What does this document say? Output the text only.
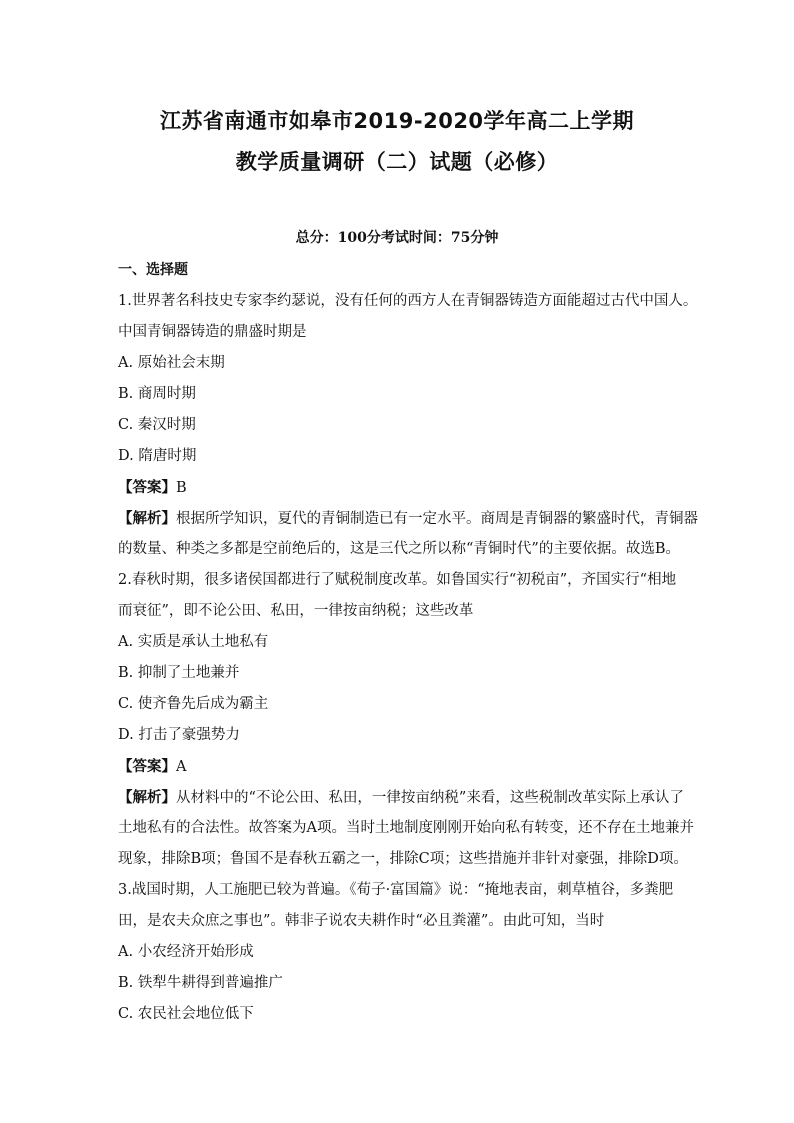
江苏省南通市如皋市2019-2020学年高二上学期
教学质量调研（二）试题（必修）
总分：100分考试时间：75分钟
一、选择题
1.世界著名科技史专家李约瑟说，没有任何的西方人在青铜器铸造方面能超过古代中国人。
中国青铜器铸造的鼎盛时期是
A. 原始社会末期
B. 商周时期
C. 秦汉时期
D. 隋唐时期
【答案】B
【解析】根据所学知识，夏代的青铜制造已有一定水平。商周是青铜器的繁盛时代，青铜器
的数量、种类之多都是空前绝后的，这是三代之所以称“青铜时代”的主要依据。故选B。
2.春秋时期，很多诸侯国都进行了赋税制度改革。如鲁国实行“初税亩”，齐国实行“相地
而衰征”，即不论公田、私田，一律按亩纳税；这些改革
A. 实质是承认土地私有
B. 抑制了土地兼并
C. 使齐鲁先后成为霸主
D. 打击了豪强势力
【答案】A
【解析】从材料中的“不论公田、私田，一律按亩纳税”来看，这些税制改革实际上承认了
土地私有的合法性。故答案为A项。当时土地制度刚刚开始向私有转变，还不存在土地兼并
现象，排除B项；鲁国不是春秋五霸之一，排除C项；这些措施并非针对豪强，排除D项。
3.战国时期，人工施肥已较为普遍。《荀子·富国篇》说：“掩地表亩，刺草植谷，多粪肥
田，是农夫众庶之事也”。韩非子说农夫耕作时“必且粪灌”。由此可知，当时
A. 小农经济开始形成
B. 铁犁牛耕得到普遍推广
C. 农民社会地位低下
